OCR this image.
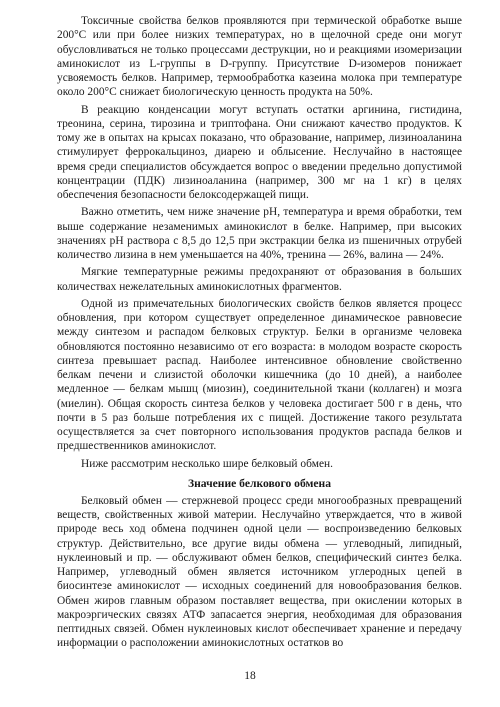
Токсичные свойства белков проявляются при термической обработке выше 200°С или при более низких температурах, но в щелочной среде они могут обусловливаться не только процессами деструкции, но и реакциями изомеризации аминокислот из L-группы в D-группу. Присутствие D-изомеров понижает усвояемость белков. Например, термообработка казеина молока при температуре около 200°С снижает биологическую ценность продукта на 50%.

В реакцию конденсации могут вступать остатки аргинина, гистидина, треонина, серина, тирозина и триптофана. Они снижают качество продуктов. К тому же в опытах на крысах показано, что образование, например, лизиноаланина стимулирует феррокальциноз, диарею и облысение. Неслучайно в настоящее время среди специалистов обсуждается вопрос о введении предельно допустимой концентрации (ПДК) лизиноаланина (например, 300 мг на 1 кг) в целях обеспечения безопасности белоксодержащей пищи.

Важно отметить, чем ниже значение рН, температура и время обработки, тем выше содержание незаменимых аминокислот в белке. Например, при высоких значениях рН раствора с 8,5 до 12,5 при экстракции белка из пшеничных отрубей количество лизина в нем уменьшается на 40%, тренина — 26%, валина — 24%.

Мягкие температурные режимы предохраняют от образования в больших количествах нежелательных аминокислотных фрагментов.

Одной из примечательных биологических свойств белков является процесс обновления, при котором существует определенное динамическое равновесие между синтезом и распадом белковых структур. Белки в организме человека обновляются постоянно независимо от его возраста: в молодом возрасте скорость синтеза превышает распад. Наиболее интенсивное обновление свойственно белкам печени и слизистой оболочки кишечника (до 10 дней), а наиболее медленное — белкам мышц (миозин), соединительной ткани (коллаген) и мозга (миелин). Общая скорость синтеза белков у человека достигает 500 г в день, что почти в 5 раз больше потребления их с пищей. Достижение такого результата осуществляется за счет повторного использования продуктов распада белков и предшественников аминокислот.

Ниже рассмотрим несколько шире белковый обмен.

Значение белкового обмена

Белковый обмен — стержневой процесс среди многообразных превращений веществ, свойственных живой материи. Неслучайно утверждается, что в живой природе весь ход обмена подчинен одной цели — воспроизведению белковых структур. Действительно, все другие виды обмена — углеводный, липидный, нуклеиновый и пр. — обслуживают обмен белков, специфический синтез белка. Например, углеводный обмен является источником углеродных цепей в биосинтезе аминокислот — исходных соединений для новообразования белков. Обмен жиров главным образом поставляет вещества, при окислении которых в макроэргических связях АТФ запасается энергия, необходимая для образования пептидных связей. Обмен нуклеиновых кислот обеспечивает хранение и передачу информации о расположении аминокислотных остатков во

18
